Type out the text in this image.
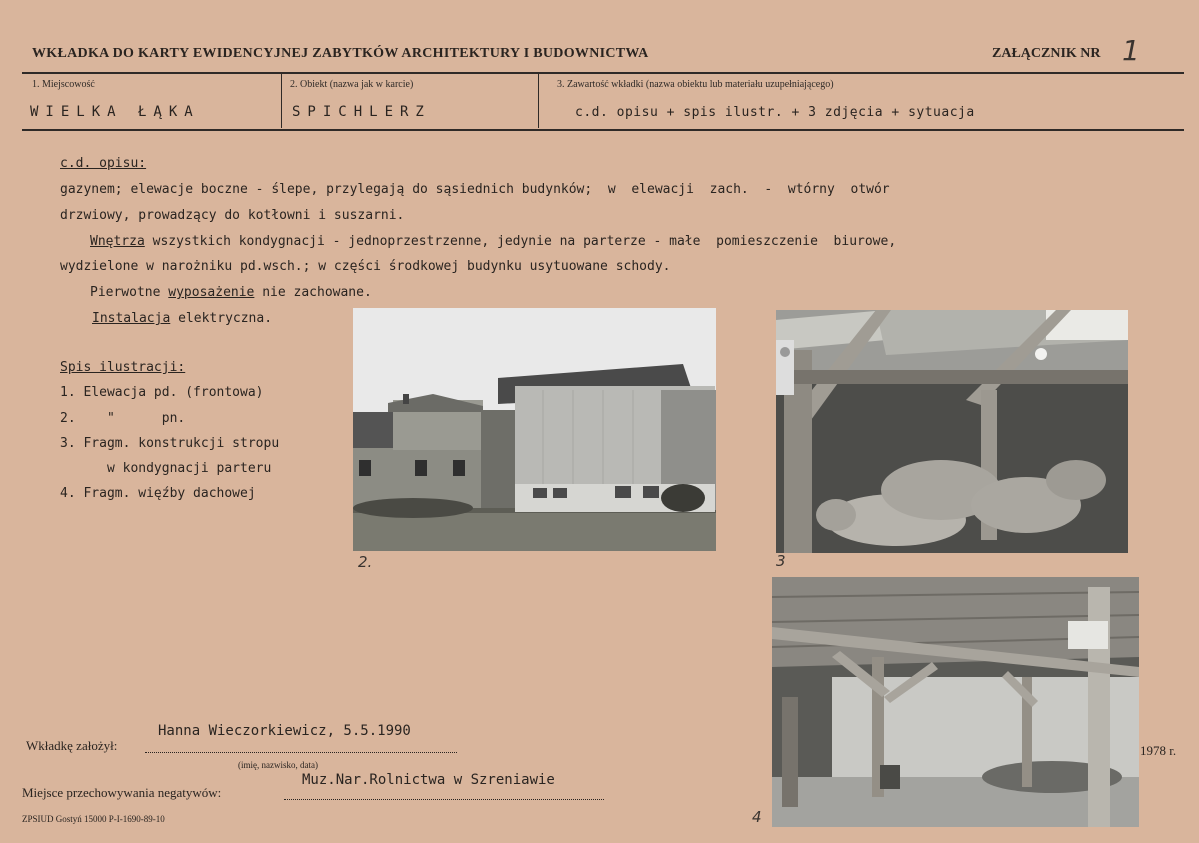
WKŁADKA DO KARTY EWIDENCYJNEJ ZABYTKÓW ARCHITEKTURY I BUDOWNICTWA	ZAŁĄCZNIK NR 1
1. Miejscowość
WIELKA ŁĄKA
2. Obiekt (nazwa jak w karcie)
SPICHLERZ
3. Zawartość wkładki (nazwa obiektu lub materiału uzupełniającego)
c.d. opisu + spis ilustr. + 3 zdjęcia + sytuacja
c.d. opisu:
gazynem; elewacje boczne - ślepe, przylegają do sąsiednich budynków;  w  elewacji  zach.  -  wtórny  otwór
drzwiowy, prowadzący do kotłowni i suszarni.
Wnętrza wszystkich kondygnacji - jednoprzestrzenne, jedynie na parterze - małe  pomieszczenie  biurowe,
wydzielone w narożniku pd.wsch.; w części środkowej budynku usytuowane schody.
Pierwotne wyposażenie nie zachowane.
Instalacja elektryczna.
Spis ilustracji:
1. Elewacja pd. (frontowa)
2.    "      pn.
3. Fragm. konstrukcji stropu
w kondygnacji parteru
4. Fragm. więźby dachowej
2.	3
4
Hanna Wieczorkiewicz, 5.5.1990
Wkładkę założył:
(imię, nazwisko, data)
1978 r.
Muz.Nar.Rolnictwa w Szreniawie
Miejsce przechowywania negatywów:
ZPSIUD Gostyń 15000 P-I-1690-89-10
